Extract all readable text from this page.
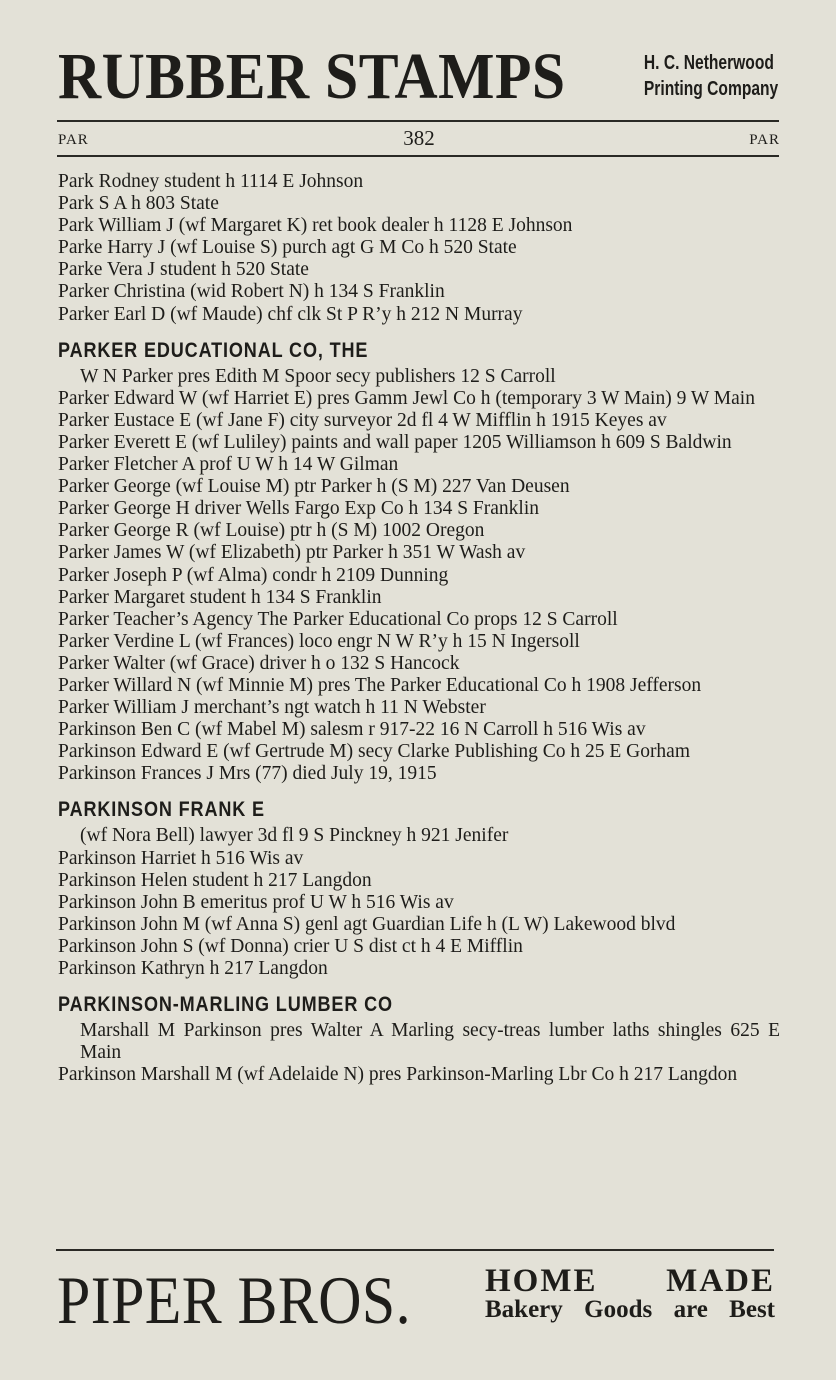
RUBBER STAMPS	H. C. Netherwood
Printing Company
PAR	382	PAR
Park Rodney student h 1114 E Johnson
Park S A h 803 State
Park William J (wf Margaret K) ret book dealer h 1128 E Johnson
Parke Harry J (wf Louise S) purch agt G M Co h 520 State
Parke Vera J student h 520 State
Parker Christina (wid Robert N) h 134 S Franklin
Parker Earl D (wf Maude) chf clk St P R’y h 212 N Murray
PARKER EDUCATIONAL CO, THE
W N Parker pres Edith M Spoor secy publishers 12 S Carroll
Parker Edward W (wf Harriet E) pres Gamm Jewl Co h (temporary 3 W Main) 9 W Main
Parker Eustace E (wf Jane F) city surveyor 2d fl 4 W Mifflin h 1915 Keyes av
Parker Everett E (wf Luliley) paints and wall paper 1205 Williamson h 609 S Baldwin
Parker Fletcher A prof U W h 14 W Gilman
Parker George (wf Louise M) ptr Parker h (S M) 227 Van Deusen
Parker George H driver Wells Fargo Exp Co h 134 S Franklin
Parker George R (wf Louise) ptr h (S M) 1002 Oregon
Parker James W (wf Elizabeth) ptr Parker h 351 W Wash av
Parker Joseph P (wf Alma) condr h 2109 Dunning
Parker Margaret student h 134 S Franklin
Parker Teacher’s Agency The Parker Educational Co props 12 S Carroll
Parker Verdine L (wf Frances) loco engr N W R’y h 15 N Ingersoll
Parker Walter (wf Grace) driver h o 132 S Hancock
Parker Willard N (wf Minnie M) pres The Parker Educational Co h 1908 Jefferson
Parker William J merchant’s ngt watch h 11 N Webster
Parkinson Ben C (wf Mabel M) salesm r 917-22 16 N Carroll h 516 Wis av
Parkinson Edward E (wf Gertrude M) secy Clarke Publishing Co h 25 E Gorham
Parkinson Frances J Mrs (77) died July 19, 1915
PARKINSON FRANK E
(wf Nora Bell) lawyer 3d fl 9 S Pinckney h 921 Jenifer
Parkinson Harriet h 516 Wis av
Parkinson Helen student h 217 Langdon
Parkinson John B emeritus prof U W h 516 Wis av
Parkinson John M (wf Anna S) genl agt Guardian Life h (L W) Lakewood blvd
Parkinson John S (wf Donna) crier U S dist ct h 4 E Mifflin
Parkinson Kathryn h 217 Langdon
PARKINSON-MARLING LUMBER CO
Marshall M Parkinson pres Walter A Marling secy-treas lumber laths shingles 625 E Main
Parkinson Marshall M (wf Adelaide N) pres Parkinson-Marling Lbr Co h 217 Langdon
PIPER BROS. HOME MADE
Bakery Goods are Best
